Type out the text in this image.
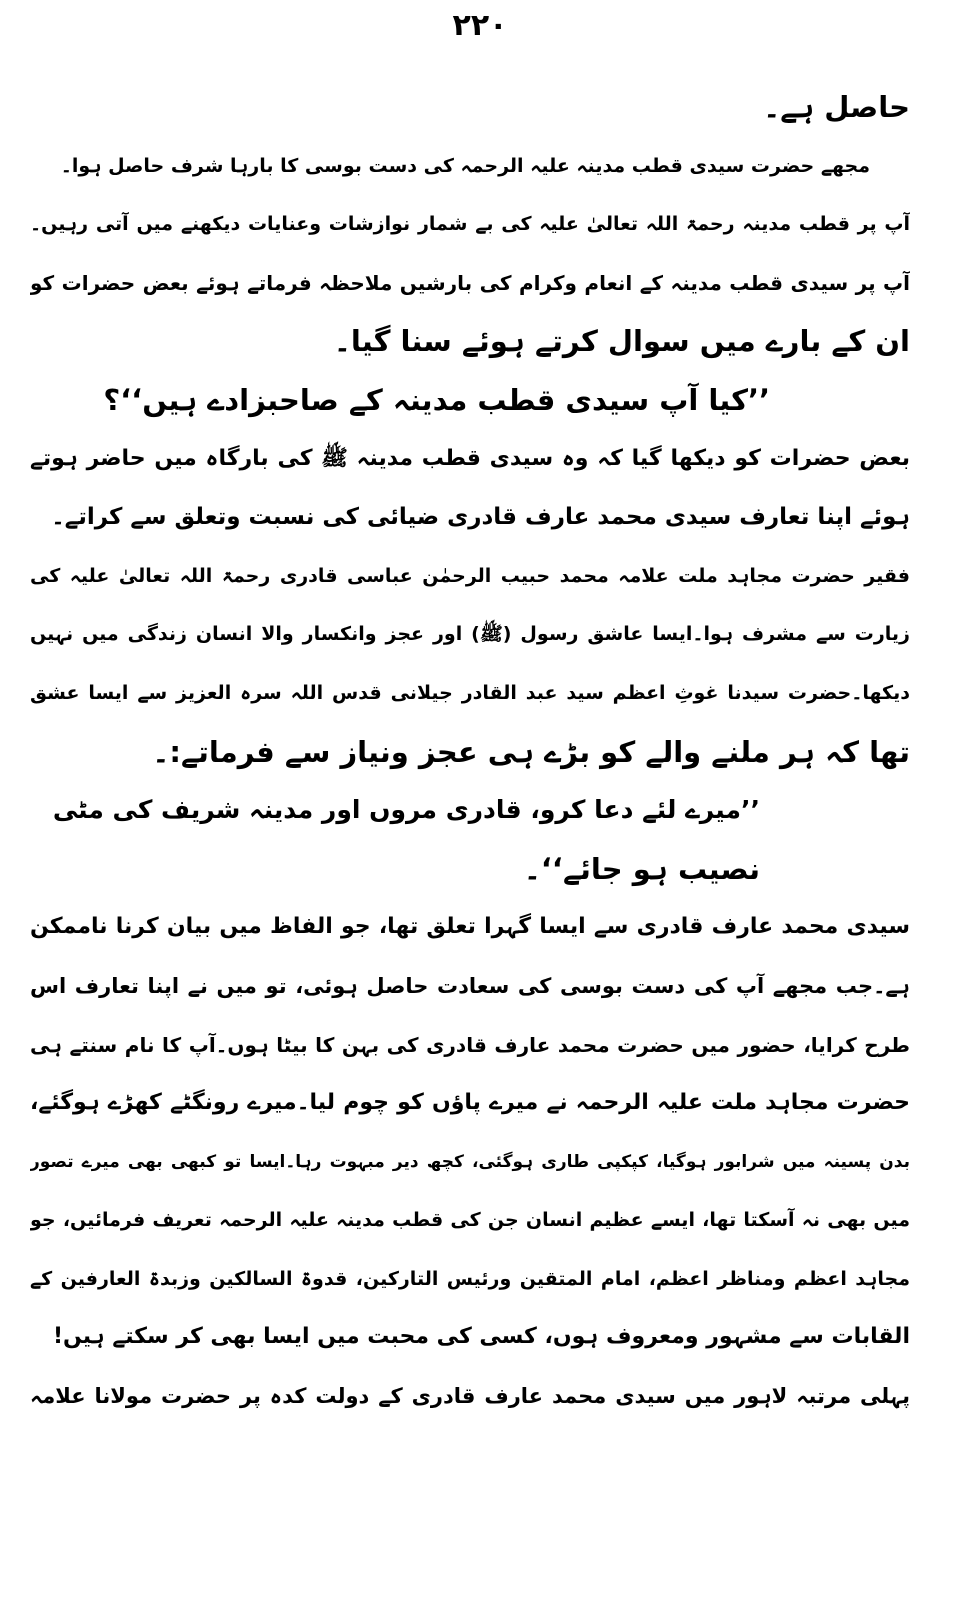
۲۲۰
حاصل ہے۔
مجھے حضرت سیدی قطب مدینہ علیہ الرحمہ کی دست بوسی کا بارہا شرف حاصل ہوا۔
آپ پر قطب مدینہ رحمۃ اللہ تعالیٰ علیہ کی بے شمار نوازشات وعنایات دیکھنے میں آتی رہیں۔
آپ پر سیدی قطب مدینہ کے انعام وکرام کی بارشیں ملاحظہ فرماتے ہوئے بعض حضرات کو
ان کے بارے میں سوال کرتے ہوئے سنا گیا۔
’’کیا آپ سیدی قطب مدینہ کے صاحبزادے ہیں‘‘؟
بعض حضرات کو دیکھا گیا کہ وہ سیدی قطب مدینہ ﷺ کی بارگاہ میں حاضر ہوتے
ہوئے اپنا تعارف سیدی محمد عارف قادری ضیائی کی نسبت وتعلق سے کراتے۔
فقیر حضرت مجاہد ملت علامہ محمد حبیب الرحمٰن عباسی قادری رحمۃ اللہ تعالیٰ علیہ کی
زیارت سے مشرف ہوا۔ایسا عاشق رسول (ﷺ) اور عجز وانکسار والا انسان زندگی میں نہیں
دیکھا۔حضرت سیدنا غوثِ اعظم سید عبد القادر جیلانی قدس اللہ سرہ العزیز سے ایسا عشق
تھا کہ ہر ملنے والے کو بڑے ہی عجز ونیاز سے فرماتے:۔
’’میرے لئے دعا کرو، قادری مروں اور مدینہ شریف کی مٹی
نصیب ہو جائے‘‘۔
سیدی محمد عارف قادری سے ایسا گہرا تعلق تھا، جو الفاظ میں بیان کرنا ناممکن
ہے۔جب مجھے آپ کی دست بوسی کی سعادت حاصل ہوئی، تو میں نے اپنا تعارف اس
طرح کرایا، حضور میں حضرت محمد عارف قادری کی بہن کا بیٹا ہوں۔آپ کا نام سنتے ہی
حضرت مجاہد ملت علیہ الرحمہ نے میرے پاؤں کو چوم لیا۔میرے رونگٹے کھڑے ہوگئے،
بدن پسینہ میں شرابور ہوگیا، کپکپی طاری ہوگئی، کچھ دیر مبہوت رہا۔ایسا تو کبھی بھی میرے تصور
میں بھی نہ آسکتا تھا، ایسے عظیم انسان جن کی قطب مدینہ علیہ الرحمہ تعریف فرمائیں، جو
مجاہد اعظم ومناظر اعظم، امام المتقین ورئیس التارکین، قدوۃ السالکین وزبدۃ العارفین کے
القابات سے مشہور ومعروف ہوں، کسی کی محبت میں ایسا بھی کر سکتے ہیں!
پہلی مرتبہ لاہور میں سیدی محمد عارف قادری کے دولت کدہ پر حضرت مولانا علامہ
